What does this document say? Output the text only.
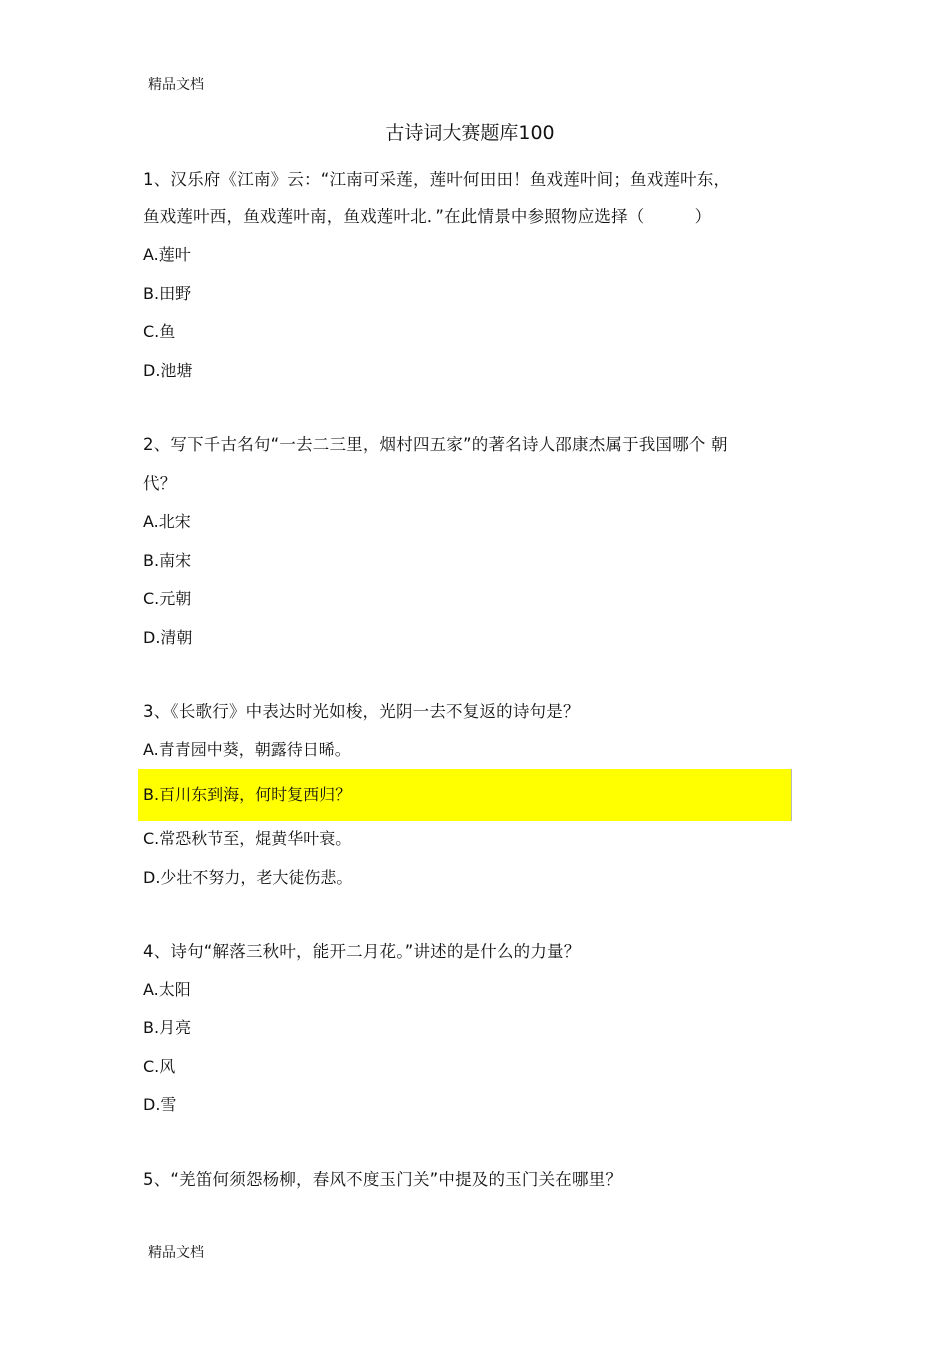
精品文档
古诗词大赛题库100
1、汉乐府《江南》云：“江南可采莲，莲叶何田田！鱼戏莲叶间；鱼戏莲叶东，
鱼戏莲叶西，鱼戏莲叶南，鱼戏莲叶北．”在此情景中参照物应选择（　　　）
A.莲叶
B.田野
C.鱼
D.池塘
2、写下千古名句“一去二三里，烟村四五家”的著名诗人邵康杰属于我国哪个 朝
代？
A.北宋
B.南宋
C.元朝
D.清朝
3、《长歌行》中表达时光如梭，光阴一去不复返的诗句是？
A.青青园中葵，朝露待日晞。
B.百川东到海，何时复西归？
C.常恐秋节至，焜黄华叶衰。
D.少壮不努力，老大徒伤悲。
4、诗句“解落三秋叶，能开二月花。”讲述的是什么的力量？
A.太阳
B.月亮
C.风
D.雪
5、“羌笛何须怨杨柳，春风不度玉门关”中提及的玉门关在哪里？
精品文档
